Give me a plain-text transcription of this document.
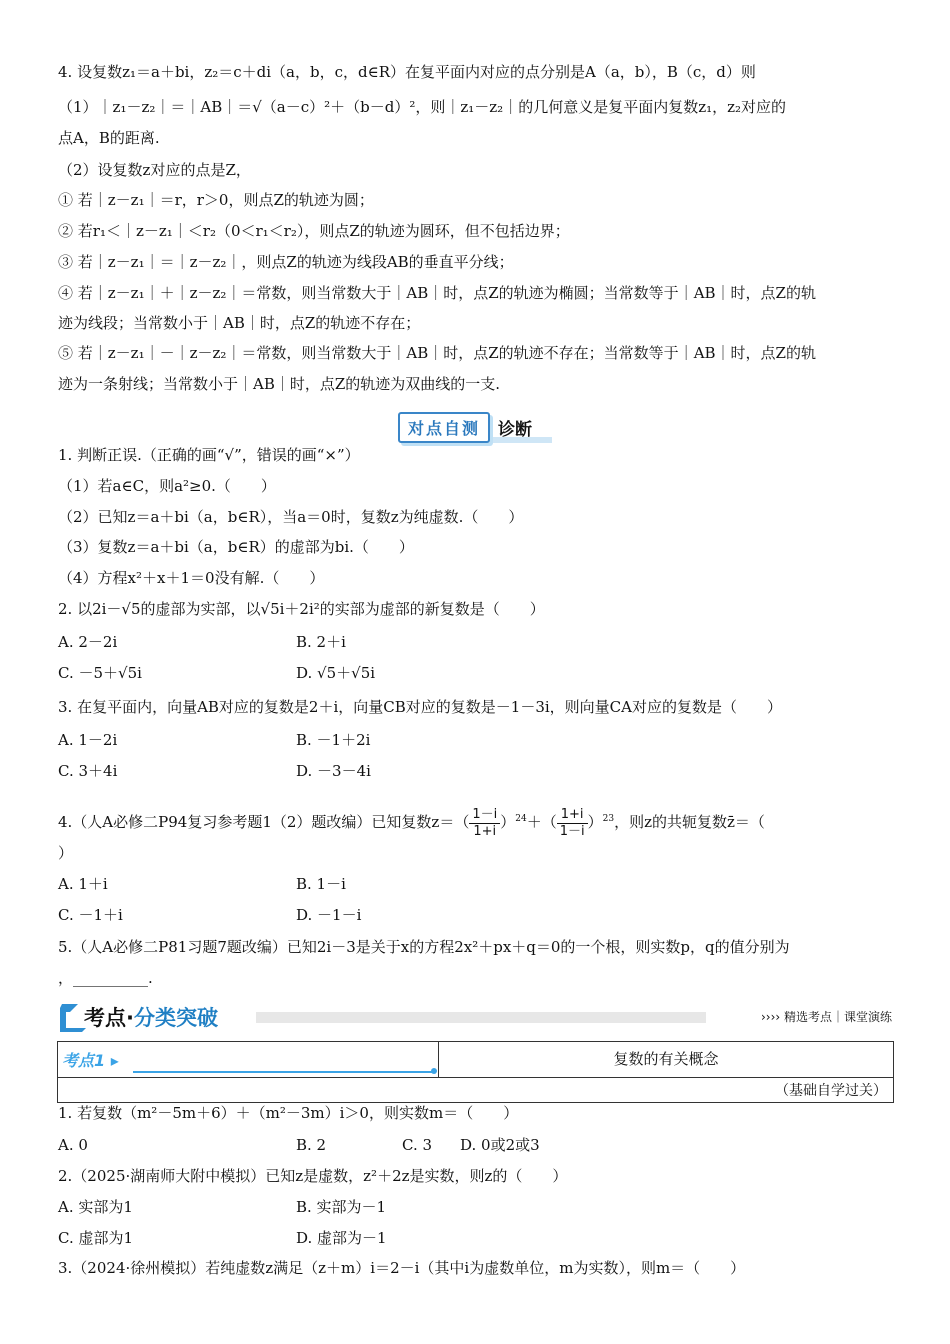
4. 设复数z₁＝a＋bi，z₂＝c＋di（a，b，c，d∈R）在复平面内对应的点分别是A（a，b），B（c，d）则
（1）｜z₁－z₂｜＝｜AB｜＝√（a－c）²＋（b－d）²，则｜z₁－z₂｜的几何意义是复平面内复数z₁，z₂对应的
点A，B的距离.
（2）设复数z对应的点是Z，
① 若｜z－z₁｜＝r，r＞0，则点Z的轨迹为圆；
② 若r₁＜｜z－z₁｜＜r₂（0＜r₁＜r₂），则点Z的轨迹为圆环，但不包括边界；
③ 若｜z－z₁｜＝｜z－z₂｜，则点Z的轨迹为线段AB的垂直平分线；
④ 若｜z－z₁｜＋｜z－z₂｜＝常数，则当常数大于｜AB｜时，点Z的轨迹为椭圆；当常数等于｜AB｜时，点Z的轨
迹为线段；当常数小于｜AB｜时，点Z的轨迹不存在；
⑤ 若｜z－z₁｜－｜z－z₂｜＝常数，则当常数大于｜AB｜时，点Z的轨迹不存在；当常数等于｜AB｜时，点Z的轨
迹为一条射线；当常数小于｜AB｜时，点Z的轨迹为双曲线的一支.
对点自测	诊断
1. 判断正误.（正确的画“√”，错误的画“×”）
（1）若a∈C，则a²≥0.（　　）
（2）已知z＝a＋bi（a，b∈R），当a＝0时，复数z为纯虚数.（　　）
（3）复数z＝a＋bi（a，b∈R）的虚部为bi.（　　）
（4）方程x²＋x＋1＝0没有解.（　　）
2. 以2i－√5的虚部为实部，以√5i＋2i²的实部为虚部的新复数是（　　）
4.（人A必修二P94复习参考题1（2）题改编）已知复数$z=( \frac{1-i}{1+i} )^{24}+( \frac{1+i}{1-i} )^{23}$，则z的共轭复数z̄＝（
A. 2－2i	B. 2＋i
C. －5＋√5i	D. √5＋√5i
3. 在复平面内，向量AB对应的复数是2＋i，向量CB对应的复数是－1－3i，则向量CA对应的复数是（　　）
A. 1－2i	B. －1＋2i
C. 3＋4i	D. －3－4i
）
A. 1＋i	B. 1－i
C. －1＋i	D. －1－i
5.（人A必修二P81习题7题改编）已知2i－3是关于x的方程2x²＋px＋q＝0的一个根，则实数p，q的值分别为
，__________.
考点·分类突破	›››› 精选考点｜课堂演练
考点1 ▸	复数的有关概念
（基础自学过关）
1. 若复数（m²－5m＋6）＋（m²－3m）i＞0，则实数m＝（　　）
A. 0	B. 2	C. 3 D. 0或2或3
2.（2025·湖南师大附中模拟）已知z是虚数，z²＋2z是实数，则z的（　　）
A. 实部为1	B. 实部为－1
C. 虚部为1	D. 虚部为－1
3.（2024·徐州模拟）若纯虚数z满足（z＋m）i＝2－i（其中i为虚数单位，m为实数），则m＝（　　）
